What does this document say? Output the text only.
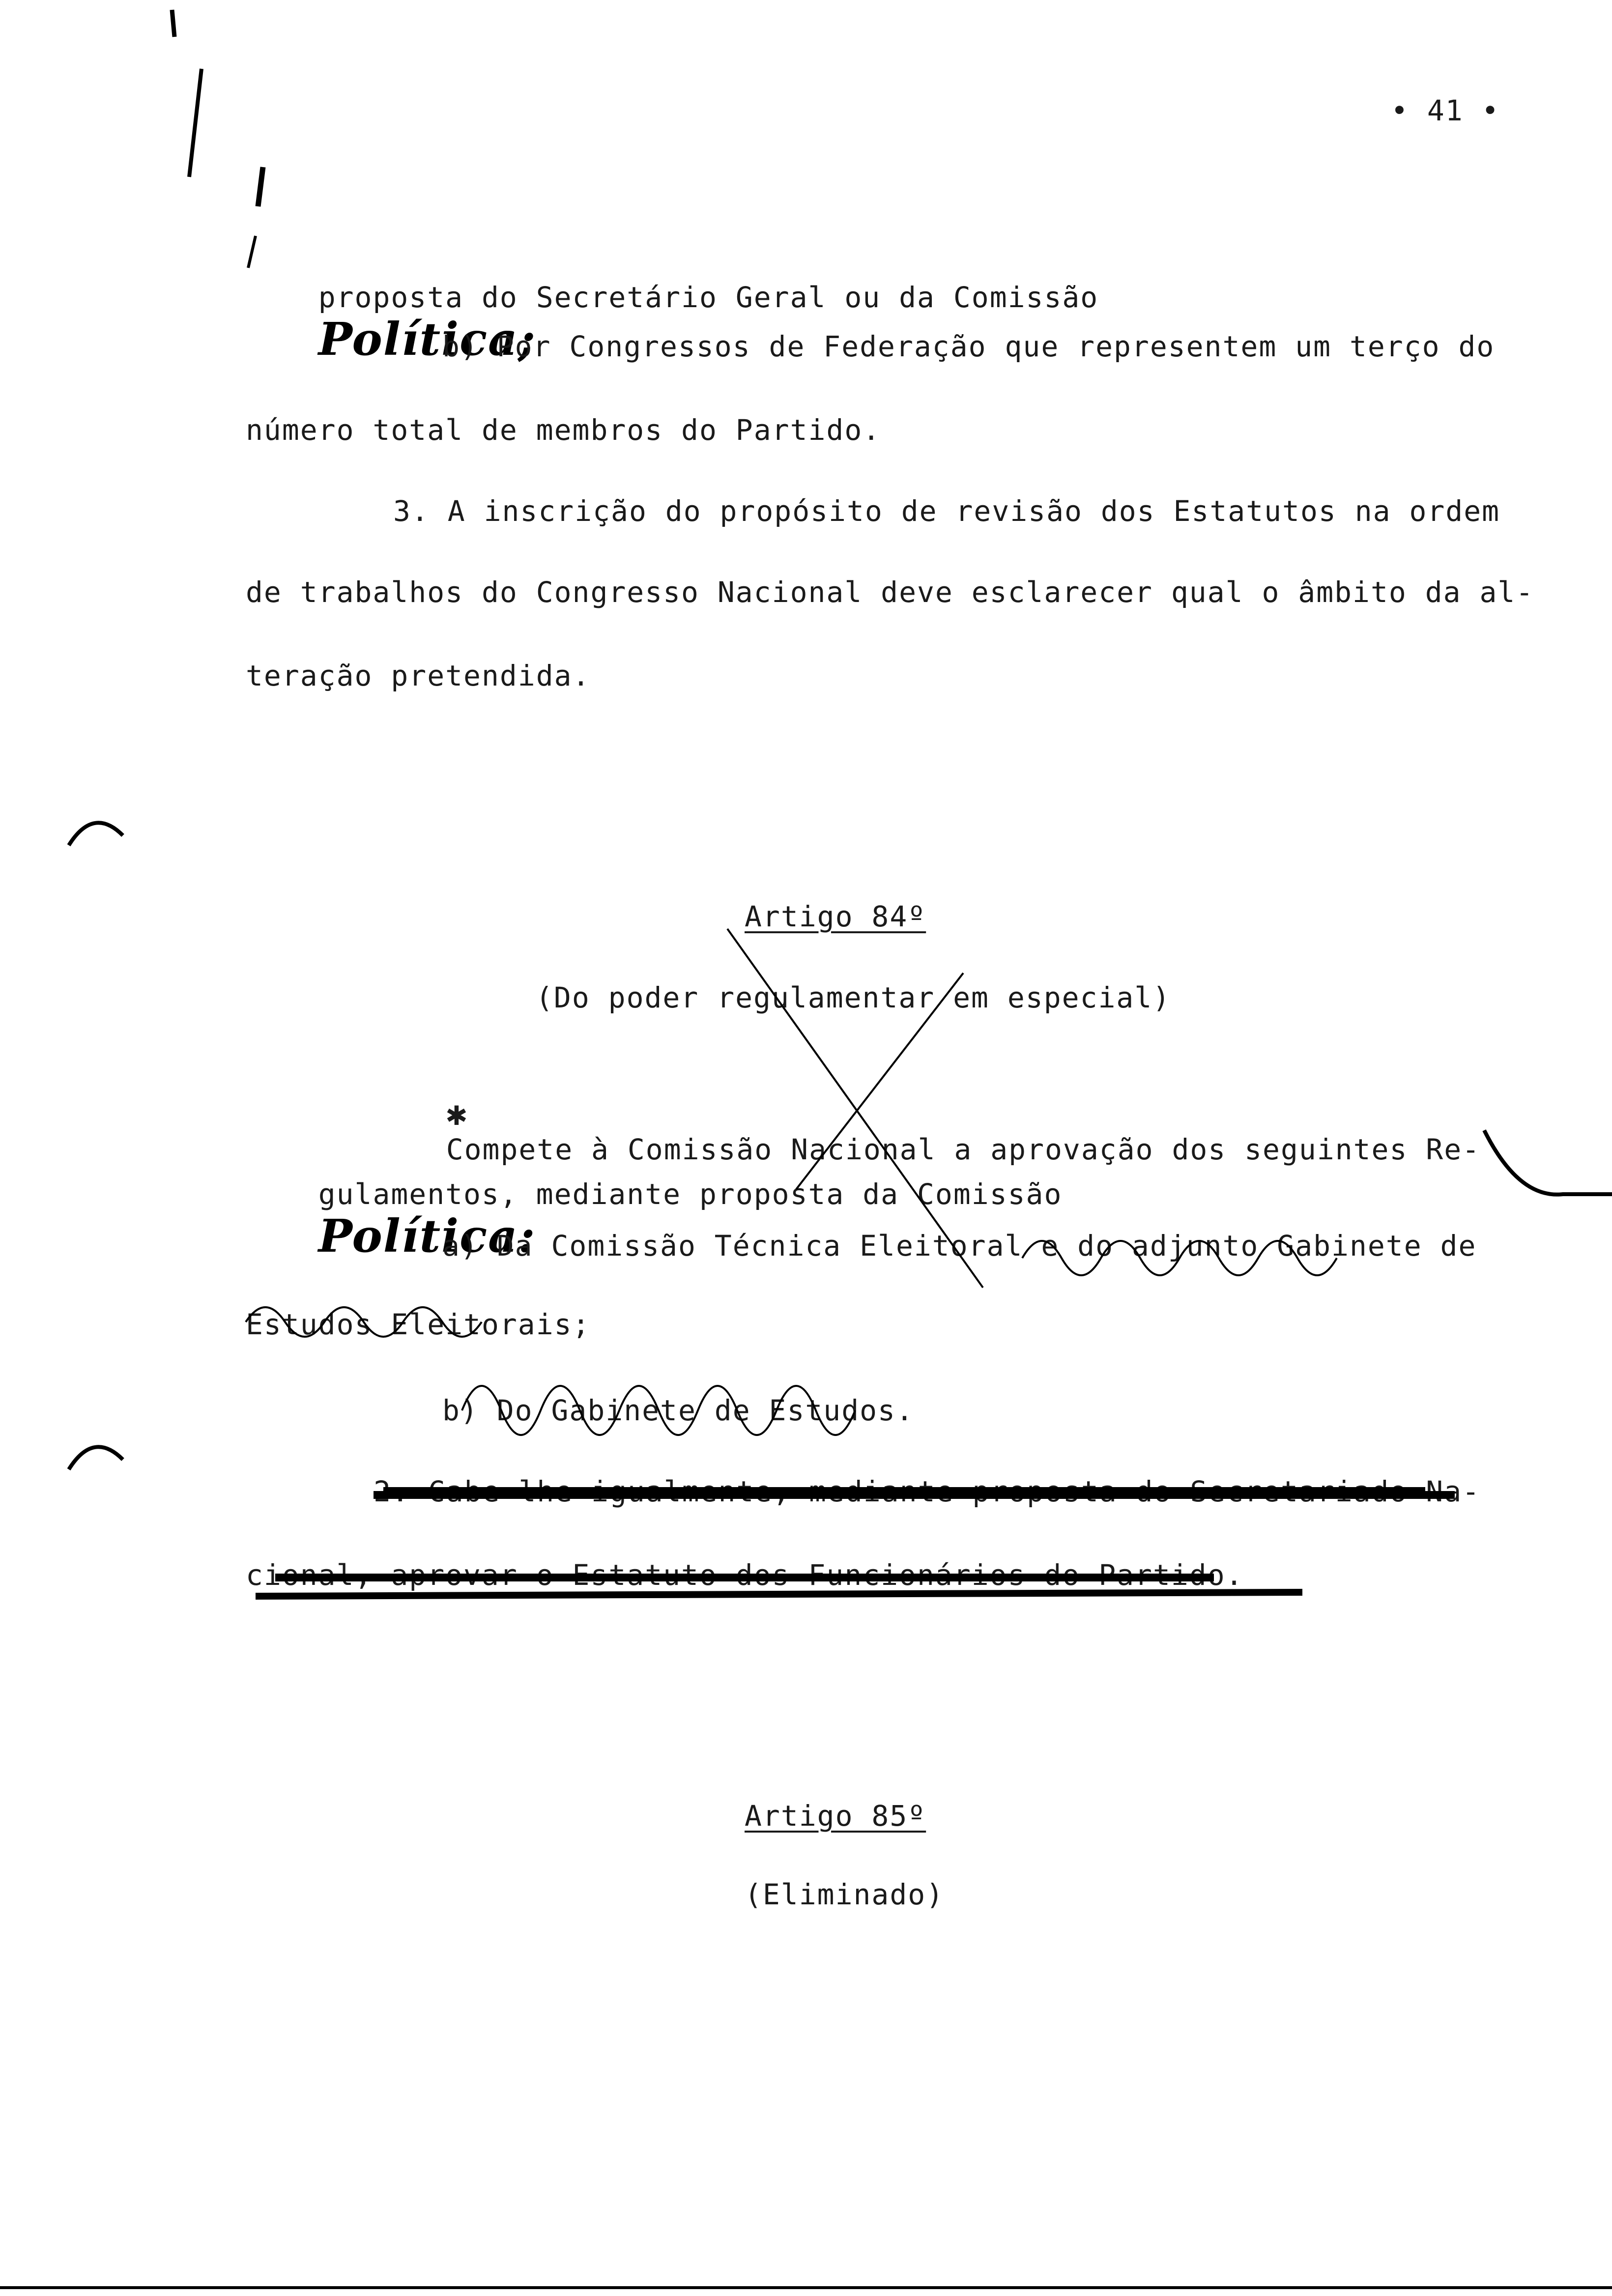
• 41 •

proposta do Secretário Geral ou da Comissão
Política;

b) Por Congressos de Federação que representem um terço do
número total de membros do Partido.
3. A inscrição do propósito de revisão dos Estatutos na ordem
de trabalhos do Congresso Nacional deve esclarecer qual o âmbito da al-
teração pretendida.
Artigo 84º
(Do poder regulamentar em especial)

✱
Compete à Comissão Nacional a aprovação dos seguintes Re-

gulamentos, mediante proposta da Comissão
Política:

a) Da Comissão Técnica Eleitoral e do adjunto Gabinete de
Estudos Eleitorais;
b) Do Gabinete de Estudos.
2. Cabe-lhe igualmente, mediante proposta do Secretariado Na-
cional, aprovar o Estatuto dos Funcionários do Partido.
Artigo 85º
(Eliminado)
